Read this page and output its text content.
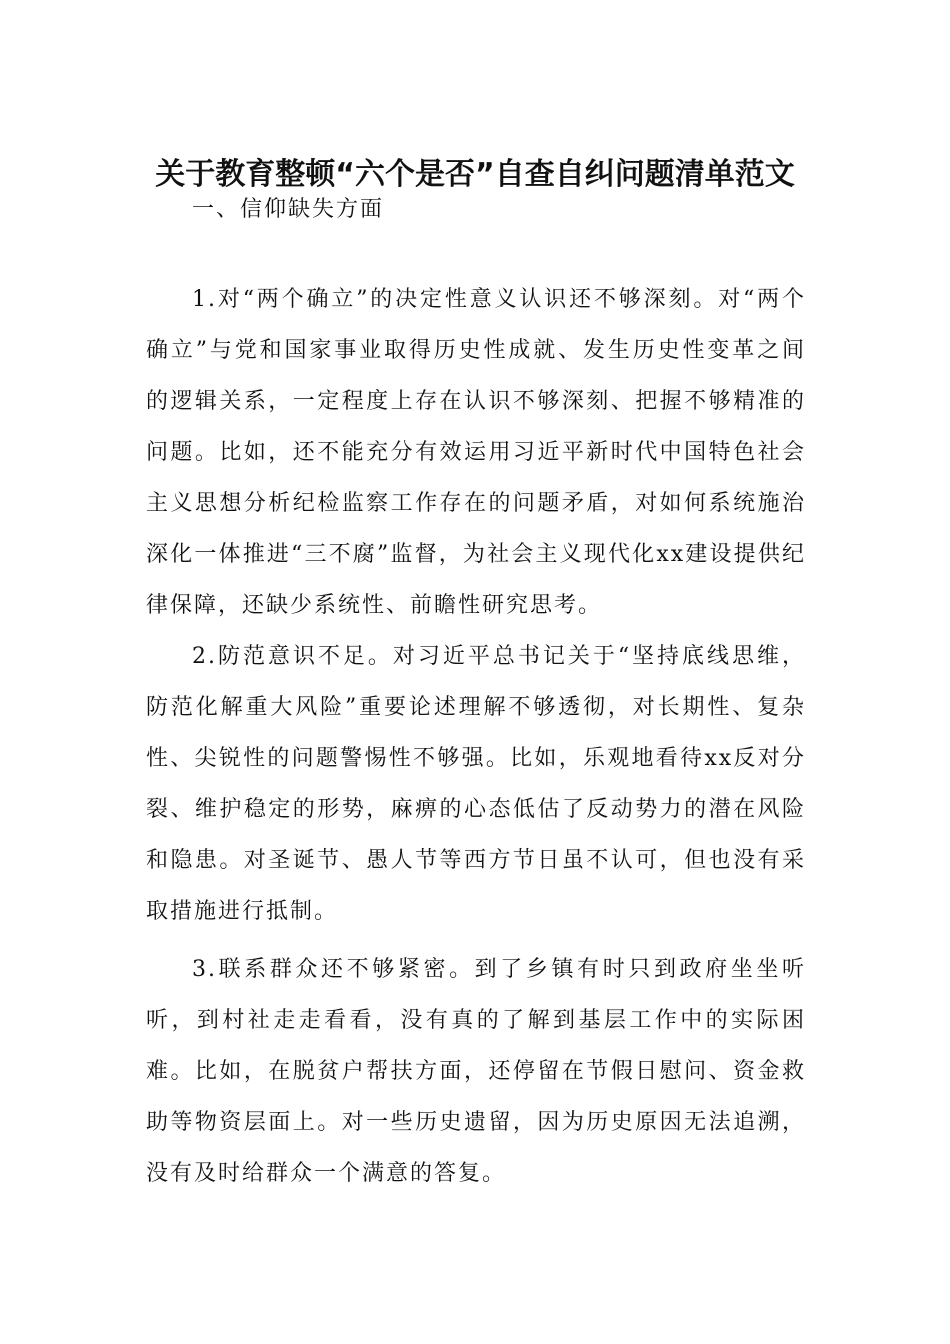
关于教育整顿“六个是否”自查自纠问题清单范文

一、信仰缺失方面

1.对“两个确立”的决定性意义认识还不够深刻。对“两个确立”与党和国家事业取得历史性成就、发生历史性变革之间的逻辑关系，一定程度上存在认识不够深刻、把握不够精准的问题。比如，还不能充分有效运用习近平新时代中国特色社会主义思想分析纪检监察工作存在的问题矛盾，对如何系统施治深化一体推进“三不腐”监督，为社会主义现代化xx建设提供纪律保障，还缺少系统性、前瞻性研究思考。

2.防范意识不足。对习近平总书记关于“坚持底线思维，防范化解重大风险”重要论述理解不够透彻，对长期性、复杂性、尖锐性的问题警惕性不够强。比如，乐观地看待xx反对分裂、维护稳定的形势，麻痹的心态低估了反动势力的潜在风险和隐患。对圣诞节、愚人节等西方节日虽不认可，但也没有采取措施进行抵制。

3.联系群众还不够紧密。到了乡镇有时只到政府坐坐听听，到村社走走看看，没有真的了解到基层工作中的实际困难。比如，在脱贫户帮扶方面，还停留在节假日慰问、资金救助等物资层面上。对一些历史遗留，因为历史原因无法追溯，没有及时给群众一个满意的答复。
